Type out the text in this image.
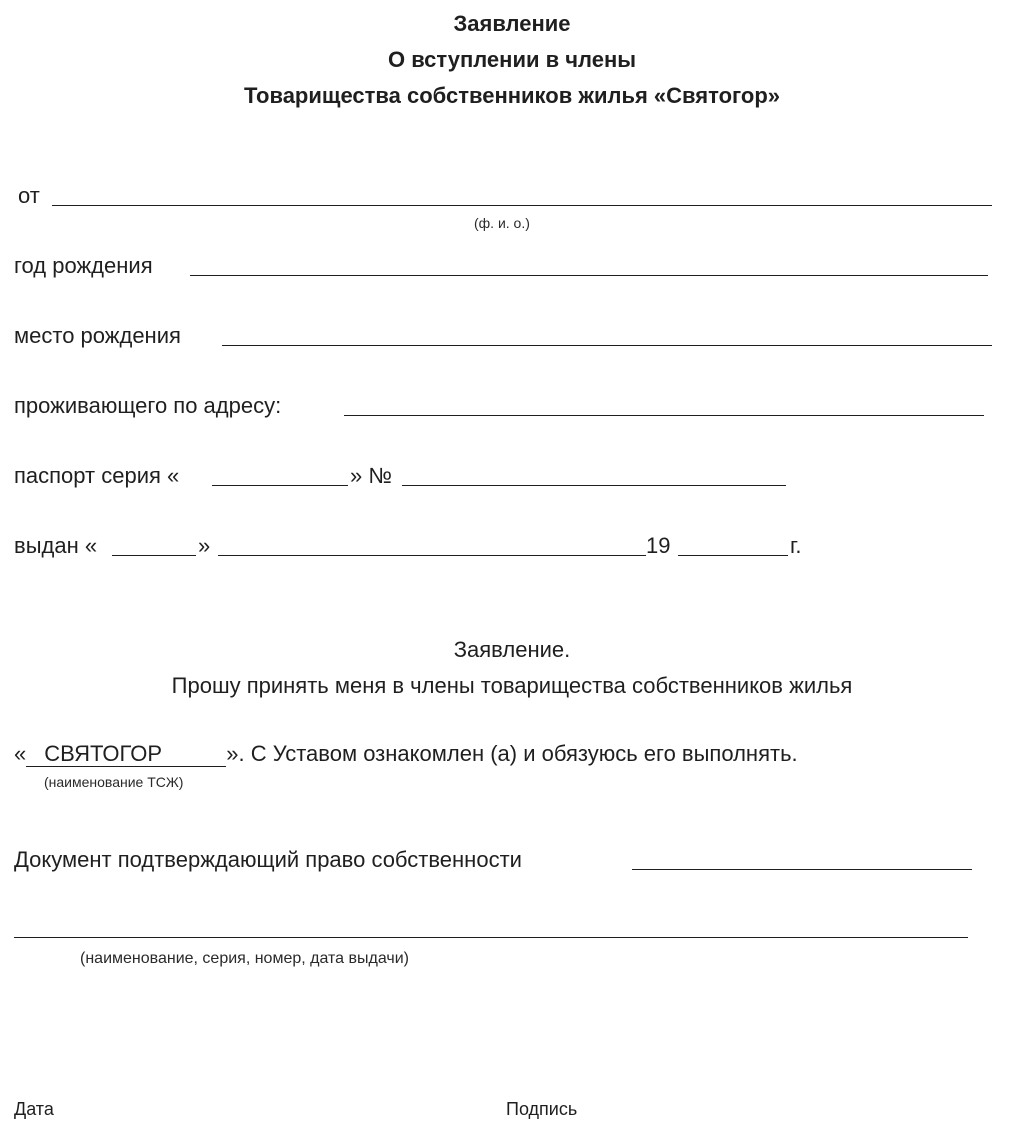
Заявление
О вступлении в члены
Товарищества собственников жилья «Святогор»
от
(ф. и. о.)
год рождения
место рождения
проживающего по адресу:
паспорт серия «	» №
выдан «	»	19	г.
Заявление.
Прошу принять меня в члены товарищества собственников жилья
« СВЯТОГОР	». С Уставом ознакомлен (а) и обязуюсь его выполнять.
(наименование ТСЖ)
Документ подтверждающий право собственности
(наименование, серия, номер, дата выдачи)
Дата	Подпись
